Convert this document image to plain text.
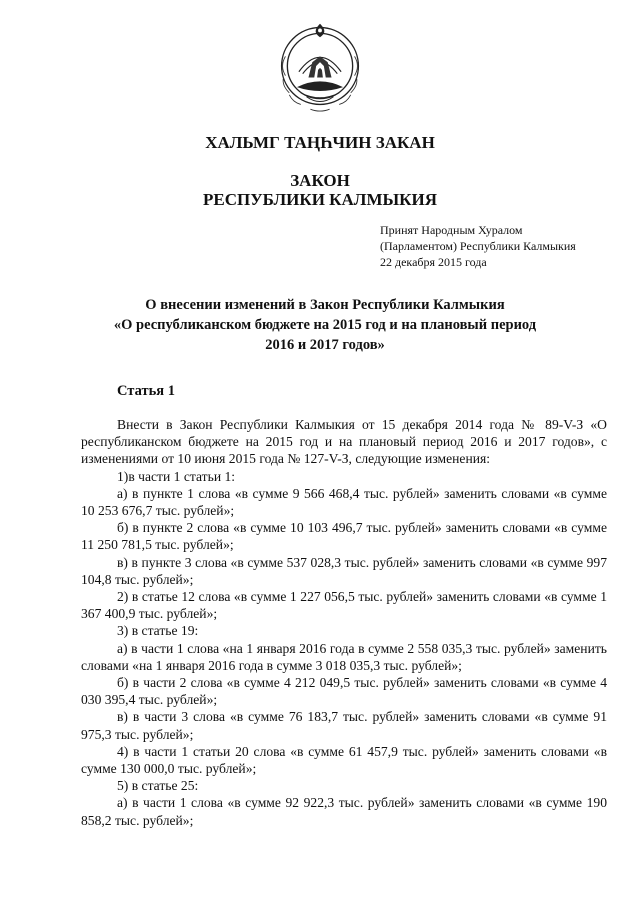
ХАЛЬМГ ТАҢҺЧИН ЗАКАН
ЗАКОН
РЕСПУБЛИКИ КАЛМЫКИЯ
Принят Народным Хуралом
(Парламентом) Республики Калмыкия
22 декабря 2015 года
О внесении изменений в Закон Республики Калмыкия
«О республиканском бюджете на 2015 год и на плановый период
2016 и 2017 годов»
Статья 1

Внести в Закон Республики Калмыкия от 15 декабря 2014 года № 89-V-З «О республиканском бюджете на 2015 год и на плановый период 2016 и 2017 годов», с изменениями от 10 июня 2015 года № 127-V-З, следующие изменения:

1)в части 1 статьи 1:

а) в пункте 1 слова «в сумме 9 566 468,4 тыс. рублей» заменить словами «в сумме 10 253 676,7 тыс. рублей»;

б) в пункте 2 слова «в сумме 10 103 496,7 тыс. рублей» заменить словами «в сумме 11 250 781,5 тыс. рублей»;

в) в пункте 3 слова «в сумме 537 028,3 тыс. рублей» заменить словами «в сумме 997 104,8 тыс. рублей»;

2) в статье 12 слова «в сумме 1 227 056,5 тыс. рублей» заменить словами «в сумме 1 367 400,9 тыс. рублей»;

3) в статье 19:

а) в части 1 слова «на 1 января 2016 года в сумме 2 558 035,3 тыс. рублей» заменить словами «на 1 января 2016 года в сумме 3 018 035,3 тыс. рублей»;

б) в части 2 слова «в сумме 4 212 049,5 тыс. рублей» заменить словами «в сумме 4 030 395,4 тыс. рублей»;

в) в части 3 слова «в сумме 76 183,7 тыс. рублей» заменить словами «в сумме 91 975,3 тыс. рублей»;

4) в части 1 статьи 20 слова «в сумме 61 457,9 тыс. рублей» заменить словами «в сумме 130 000,0 тыс. рублей»;

5) в статье 25:

а) в части 1 слова «в сумме 92 922,3 тыс. рублей» заменить словами «в сумме 190 858,2 тыс. рублей»;
